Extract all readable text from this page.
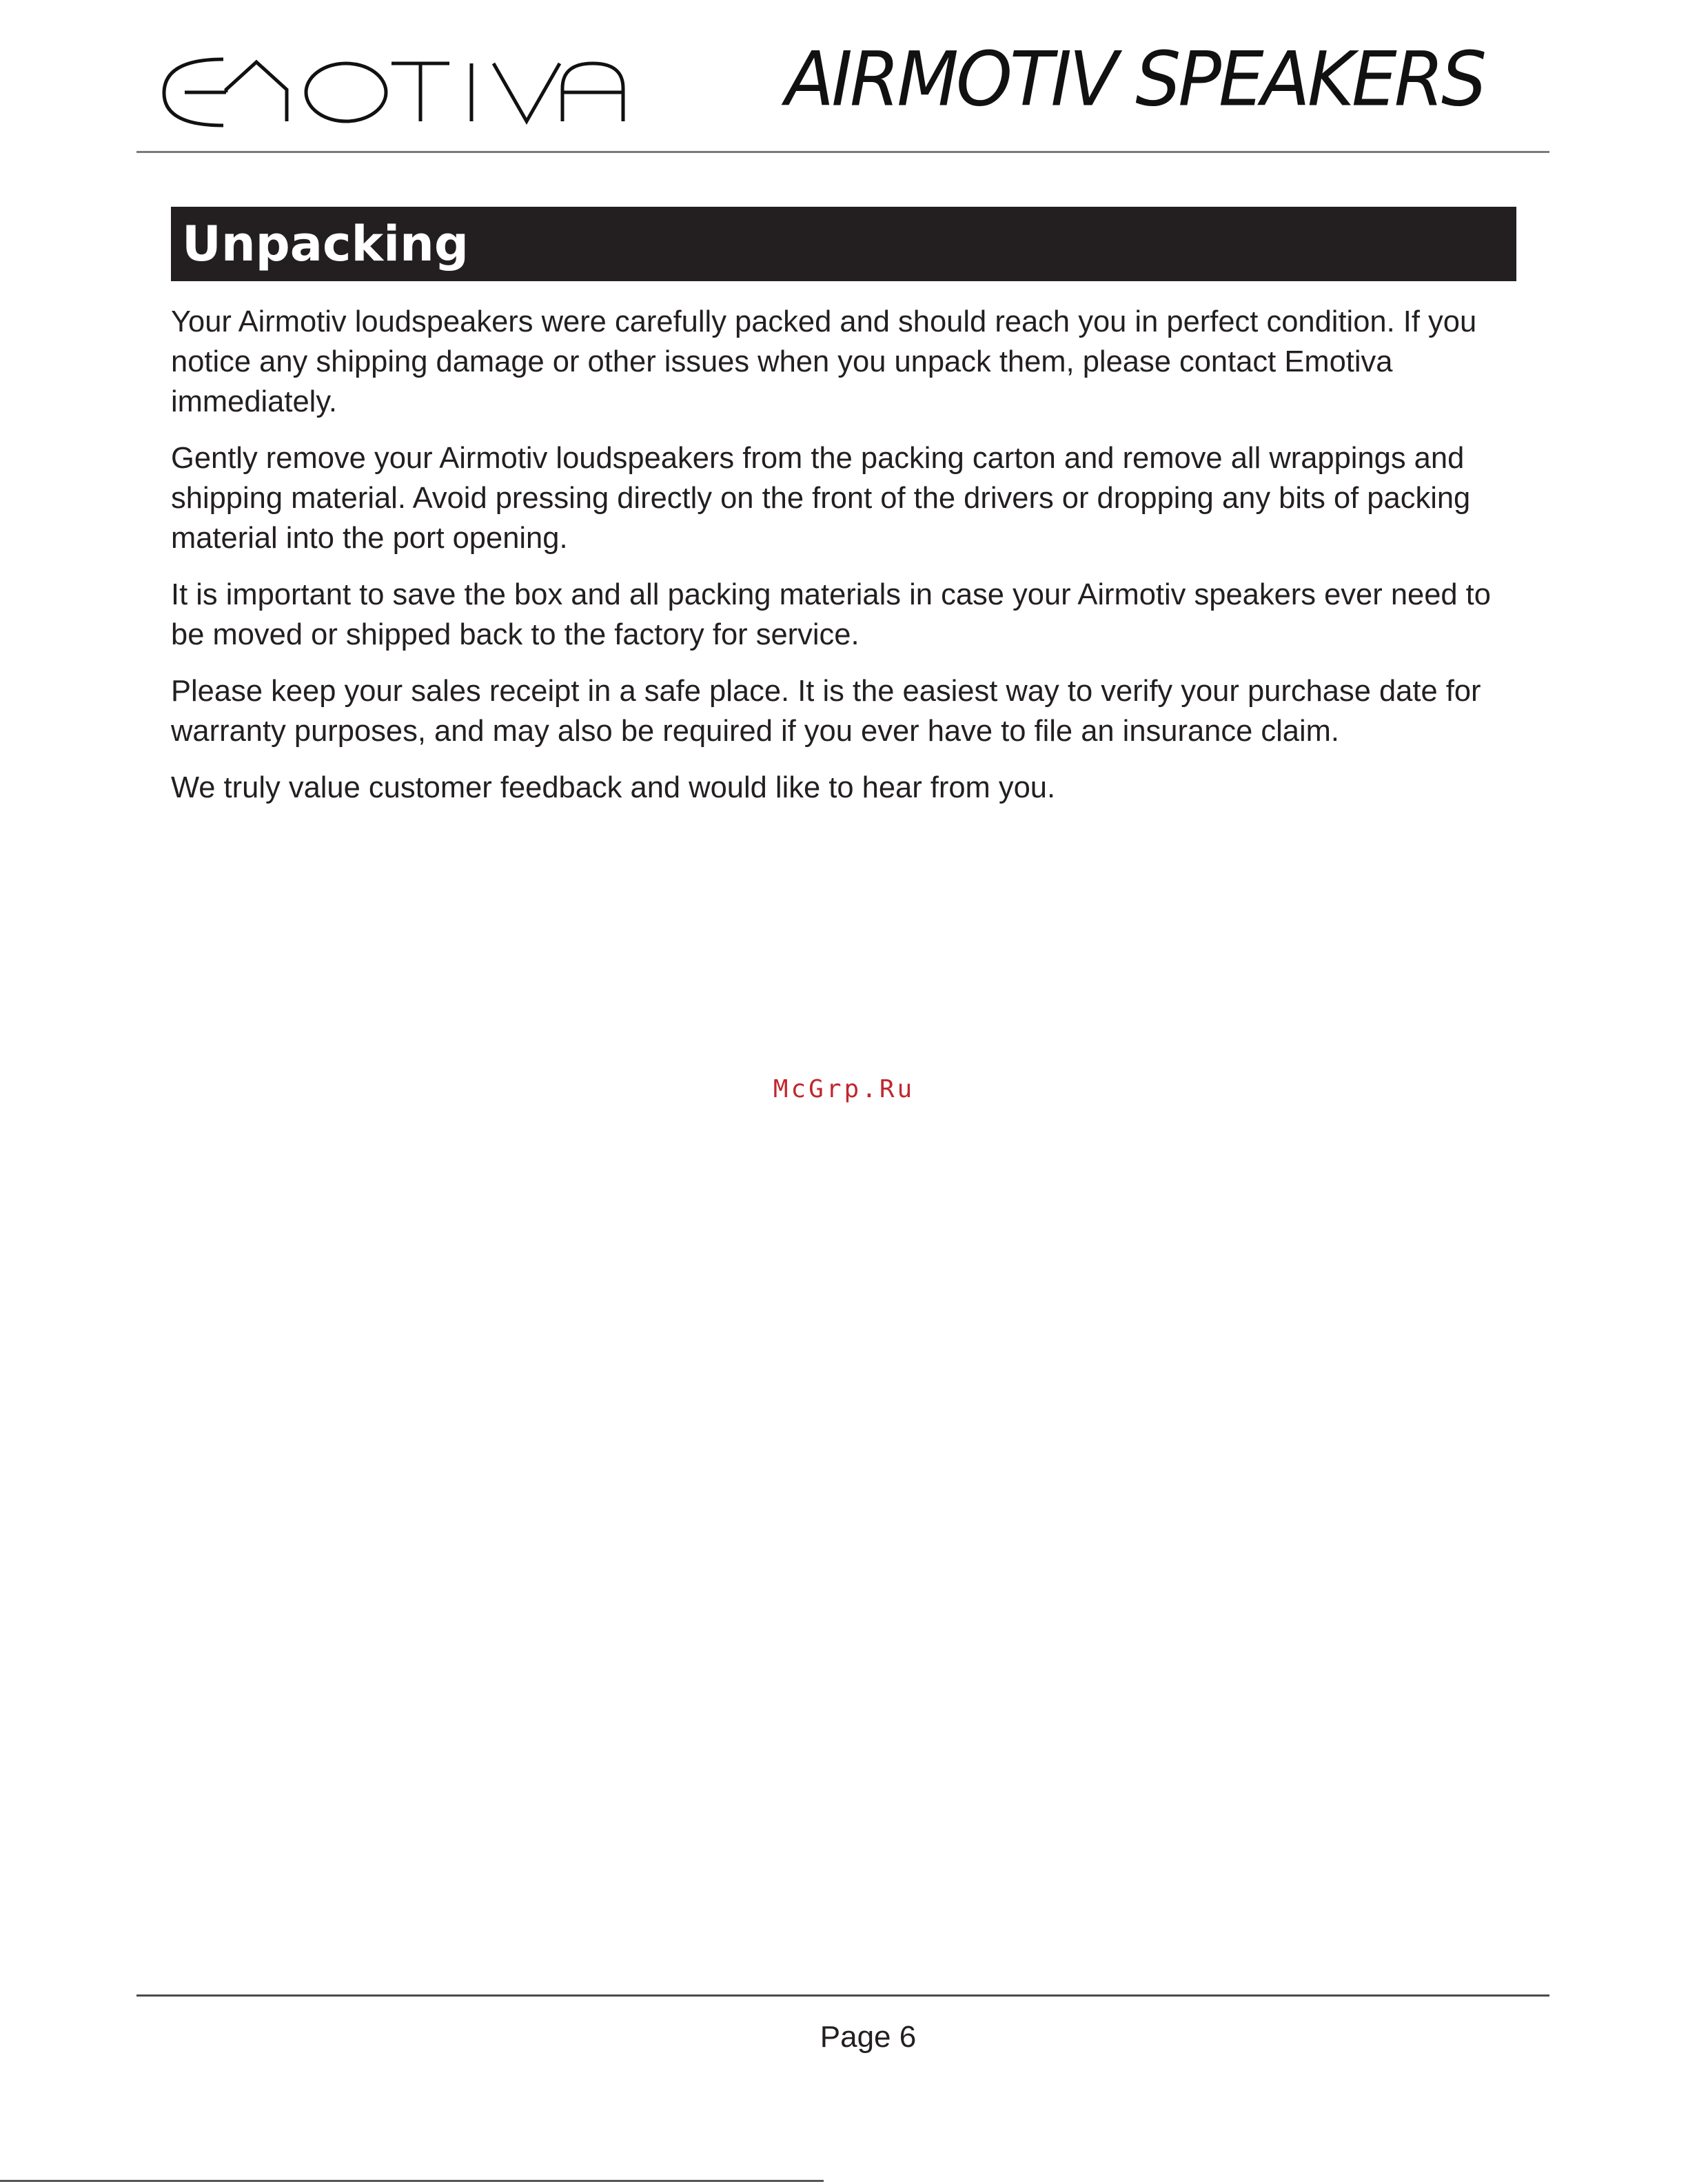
AIRMOTIV SPEAKERS
Unpacking

Your Airmotiv loudspeakers were carefully packed and should reach you in perfect condition. If you notice any shipping damage or other issues when you unpack them, please contact Emotiva immediately.

Gently remove your Airmotiv loudspeakers from the packing carton and remove all wrappings and shipping material. Avoid pressing directly on the front of the drivers or dropping any bits of packing material into the port opening.

It is important to save the box and all packing materials in case your Airmotiv speakers ever need to be moved or shipped back to the factory for service.

Please keep your sales receipt in a safe place. It is the easiest way to verify your purchase date for warranty purposes, and may also be required if you ever have to file an insurance claim.

We truly value customer feedback and would like to hear from you.

McGrp.Ru
Page 6
